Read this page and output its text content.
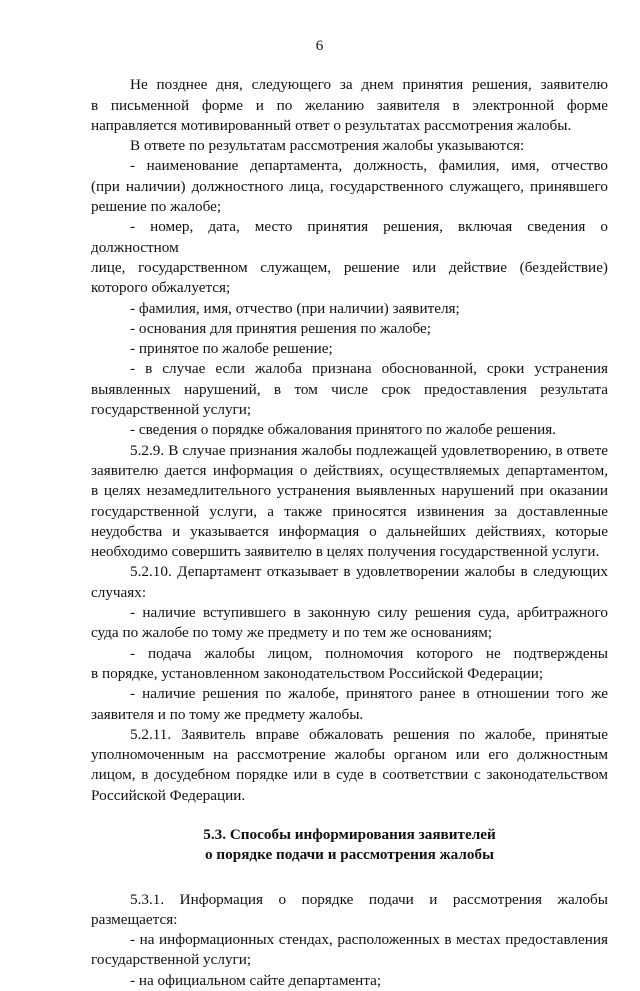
6

Не позднее дня, следующего за днем принятия решения, заявителю

в письменной форме и по желанию заявителя в электронной форме

направляется мотивированный ответ о результатах рассмотрения жалобы.

В ответе по результатам рассмотрения жалобы указываются:

- наименование департамента, должность, фамилия, имя, отчество

(при наличии) должностного лица, государственного служащего, принявшего

решение по жалобе;

- номер, дата, место принятия решения, включая сведения о должностном

лице, государственном служащем, решение или действие (бездействие)

которого обжалуется;

- фамилия, имя, отчество (при наличии) заявителя;

- основания для принятия решения по жалобе;

- принятое по жалобе решение;

- в случае если жалоба признана обоснованной, сроки устранения

выявленных нарушений, в том числе срок предоставления результата

государственной услуги;

- сведения о порядке обжалования принятого по жалобе решения.

5.2.9. В случае признания жалобы подлежащей удовлетворению, в ответе

заявителю дается информация о действиях, осуществляемых департаментом,

в целях незамедлительного устранения выявленных нарушений при оказании

государственной услуги, а также приносятся извинения за доставленные

неудобства и указывается информация о дальнейших действиях, которые

необходимо совершить заявителю в целях получения государственной услуги.

5.2.10. Департамент отказывает в удовлетворении жалобы в следующих

случаях:

- наличие вступившего в законную силу решения суда, арбитражного

суда по жалобе по тому же предмету и по тем же основаниям;

- подача жалобы лицом, полномочия которого не подтверждены

в порядке, установленном законодательством Российской Федерации;

- наличие решения по жалобе, принятого ранее в отношении того же

заявителя и по тому же предмету жалобы.

5.2.11. Заявитель вправе обжаловать решения по жалобе, принятые

уполномоченным на рассмотрение жалобы органом или его должностным

лицом, в досудебном порядке или в суде в соответствии с законодательством

Российской Федерации.

5.3. Способы информирования заявителей

о порядке подачи и рассмотрения жалобы

5.3.1. Информация о порядке подачи и рассмотрения жалобы

размещается:

- на информационных стендах, расположенных в местах предоставления

государственной услуги;

- на официальном сайте департамента;
